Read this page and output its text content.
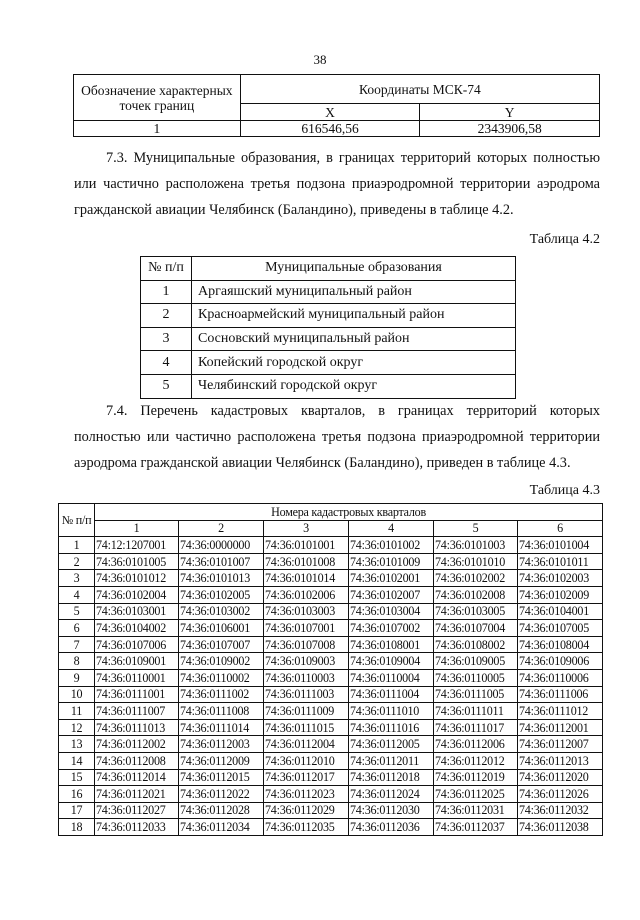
38
Обозначение характерных точек границ	Координаты МСК-74	
	X	Y
1	616546,56	2343906,58
7.3. Муниципальные образования, в границах территорий которых полностью или частично расположена третья подзона приаэродромной территории аэродрома гражданской авиации Челябинск (Баландино), приведены в таблице 4.2.
Таблица 4.2
№ п/п	Муниципальные образования
1	Аргаяшский муниципальный район
2	Красноармейский муниципальный район
3	Сосновский муниципальный район
4	Копейский городской округ
5	Челябинский городской округ
7.4. Перечень кадастровых кварталов, в границах территорий которых полностью или частично расположена третья подзона приаэродромной территории аэродрома гражданской авиации Челябинск (Баландино), приведен в таблице 4.3.
Таблица 4.3
№ п/п	Номера кадастровых кварталов					
	1	2	3	4	5	6
1	74:12:1207001	74:36:0000000	74:36:0101001	74:36:0101002	74:36:0101003	74:36:0101004
2	74:36:0101005	74:36:0101007	74:36:0101008	74:36:0101009	74:36:0101010	74:36:0101011
3	74:36:0101012	74:36:0101013	74:36:0101014	74:36:0102001	74:36:0102002	74:36:0102003
4	74:36:0102004	74:36:0102005	74:36:0102006	74:36:0102007	74:36:0102008	74:36:0102009
5	74:36:0103001	74:36:0103002	74:36:0103003	74:36:0103004	74:36:0103005	74:36:0104001
6	74:36:0104002	74:36:0106001	74:36:0107001	74:36:0107002	74:36:0107004	74:36:0107005
7	74:36:0107006	74:36:0107007	74:36:0107008	74:36:0108001	74:36:0108002	74:36:0108004
8	74:36:0109001	74:36:0109002	74:36:0109003	74:36:0109004	74:36:0109005	74:36:0109006
9	74:36:0110001	74:36:0110002	74:36:0110003	74:36:0110004	74:36:0110005	74:36:0110006
10	74:36:0111001	74:36:0111002	74:36:0111003	74:36:0111004	74:36:0111005	74:36:0111006
11	74:36:0111007	74:36:0111008	74:36:0111009	74:36:0111010	74:36:0111011	74:36:0111012
12	74:36:0111013	74:36:0111014	74:36:0111015	74:36:0111016	74:36:0111017	74:36:0112001
13	74:36:0112002	74:36:0112003	74:36:0112004	74:36:0112005	74:36:0112006	74:36:0112007
14	74:36:0112008	74:36:0112009	74:36:0112010	74:36:0112011	74:36:0112012	74:36:0112013
15	74:36:0112014	74:36:0112015	74:36:0112017	74:36:0112018	74:36:0112019	74:36:0112020
16	74:36:0112021	74:36:0112022	74:36:0112023	74:36:0112024	74:36:0112025	74:36:0112026
17	74:36:0112027	74:36:0112028	74:36:0112029	74:36:0112030	74:36:0112031	74:36:0112032
18	74:36:0112033	74:36:0112034	74:36:0112035	74:36:0112036	74:36:0112037	74:36:0112038
